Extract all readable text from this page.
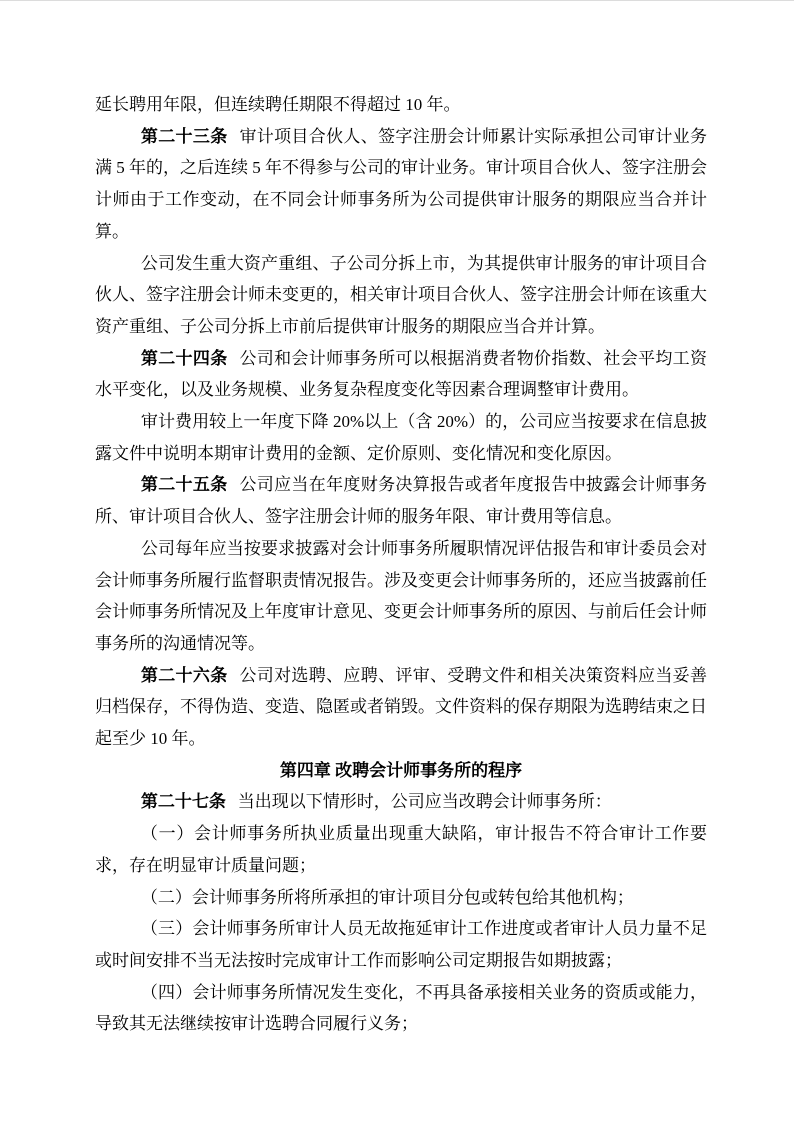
延长聘用年限，但连续聘任期限不得超过 10 年。

第二十三条 审计项目合伙人、签字注册会计师累计实际承担公司审计业务满 5 年的，之后连续 5 年不得参与公司的审计业务。审计项目合伙人、签字注册会计师由于工作变动，在不同会计师事务所为公司提供审计服务的期限应当合并计算。

公司发生重大资产重组、子公司分拆上市，为其提供审计服务的审计项目合伙人、签字注册会计师未变更的，相关审计项目合伙人、签字注册会计师在该重大资产重组、子公司分拆上市前后提供审计服务的期限应当合并计算。

第二十四条 公司和会计师事务所可以根据消费者物价指数、社会平均工资水平变化，以及业务规模、业务复杂程度变化等因素合理调整审计费用。

审计费用较上一年度下降 20%以上（含 20%）的，公司应当按要求在信息披露文件中说明本期审计费用的金额、定价原则、变化情况和变化原因。

第二十五条 公司应当在年度财务决算报告或者年度报告中披露会计师事务所、审计项目合伙人、签字注册会计师的服务年限、审计费用等信息。

公司每年应当按要求披露对会计师事务所履职情况评估报告和审计委员会对会计师事务所履行监督职责情况报告。涉及变更会计师事务所的，还应当披露前任会计师事务所情况及上年度审计意见、变更会计师事务所的原因、与前后任会计师事务所的沟通情况等。

第二十六条 公司对选聘、应聘、评审、受聘文件和相关决策资料应当妥善归档保存，不得伪造、变造、隐匿或者销毁。文件资料的保存期限为选聘结束之日起至少 10 年。

第四章 改聘会计师事务所的程序

第二十七条 当出现以下情形时，公司应当改聘会计师事务所：

（一）会计师事务所执业质量出现重大缺陷，审计报告不符合审计工作要求，存在明显审计质量问题；

（二）会计师事务所将所承担的审计项目分包或转包给其他机构；

（三）会计师事务所审计人员无故拖延审计工作进度或者审计人员力量不足或时间安排不当无法按时完成审计工作而影响公司定期报告如期披露；

（四）会计师事务所情况发生变化，不再具备承接相关业务的资质或能力，导致其无法继续按审计选聘合同履行义务；
